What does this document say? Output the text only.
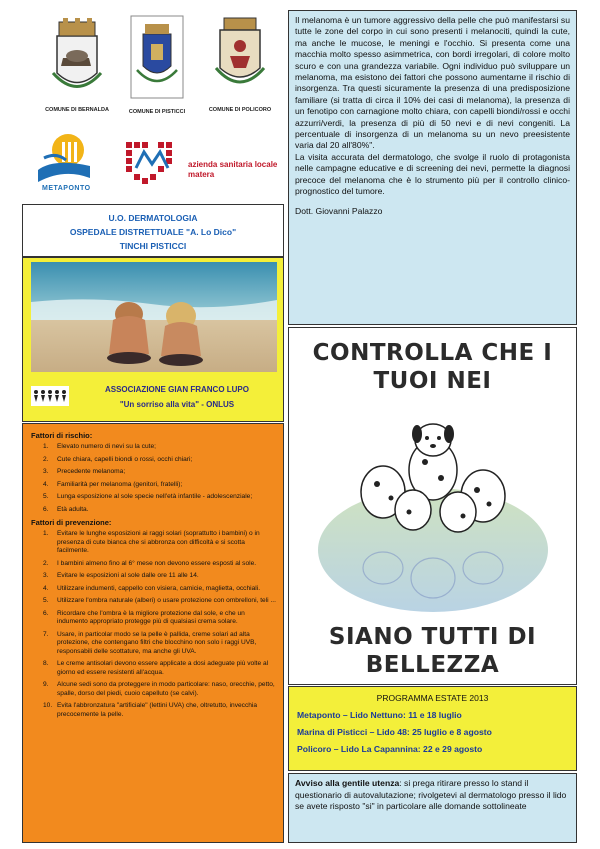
COMUNE DI BERNALDA	COMUNE DI PISTICCI	COMUNE DI POLICORO
METAPONTO
azienda sanitaria locale
matera
U.O. DERMATOLOGIA
OSPEDALE DISTRETTUALE "A. Lo Dico"
TINCHI PISTICCI
ASSOCIAZIONE GIAN FRANCO LUPO
"Un sorriso alla vita" - ONLUS
Fattori di rischio:
1. Elevato numero di nevi su la cute;
2. Cute chiara, capelli biondi o rossi, occhi chiari;
3. Precedente melanoma;
4. Familiarità per melanoma (genitori, fratelli);
5. Lunga esposizione al sole specie nell'età infantile - adolescenziale;
6. Età adulta.
Fattori di prevenzione:
1. Evitare le lunghe esposizioni ai raggi solari (soprattutto i bambini) o in presenza di cute bianca che si abbronza con difficoltà e si scotta facilmente.
2. I bambini almeno fino al 6° mese non devono essere esposti al sole.
3. Evitare le esposizioni al sole dalle ore 11 alle 14.
4. Utilizzare indumenti, cappello con visiera, camicie, maglietta, occhiali.
5. Utilizzare l'ombra naturale (alberi) o usare protezione con ombrelloni, teli ...
6. Ricordare che l'ombra è la migliore protezione dal sole, e che un indumento appropriato protegge più di qualsiasi crema solare.
7. Usare, in particolar modo se la pelle è pallida, creme solari ad alta protezione, che contengano filtri che blocchino non solo i raggi UVB, responsabili delle scottature, ma anche gli UVA.
8. Le creme antisolari devono essere applicate a dosi adeguate più volte al giorno ed essere resistenti all'acqua.
9. Alcune sedi sono da proteggere in modo particolare: naso, orecchie, petto, spalle, dorso del piedi, cuoio capelluto (se calvi).
10. Evita l'abbronzatura "artificiale" (lettini UVA) che, oltretutto, invecchia precocemente la pelle.

Il melanoma è un tumore aggressivo della pelle che può manifestarsi su tutte le zone del corpo in cui sono presenti i melanociti, quindi la cute, ma anche le mucose, le meningi e l'occhio. Si presenta come una macchia molto spesso asimmetrica, con bordi irregolari, di colore molto scuro e con una grandezza variabile. Ogni individuo può sviluppare un melanoma, ma esistono dei fattori che possono aumentarne il rischio di insorgenza. Tra questi sicuramente la presenza di una predisposizione familiare (si tratta di circa il 10% dei casi di melanoma), la presenza di un fenotipo con carnagione molto chiara, con capelli biondi/rossi e occhi azzurri/verdi, la presenza di più di 50 nevi e di nevi congeniti. La percentuale di insorgenza di un melanoma su un nevo preesistente varia dal 20 all'80%".

La visita accurata del dermatologo, che svolge il ruolo di protagonista nelle campagne educative e di screening dei nevi, permette la diagnosi precoce del melanoma che è lo strumento più per il controllo clinico-prognostico del tumore.

Dott. Giovanni Palazzo

CONTROLLA CHE I
TUOI NEI
SIANO TUTTI DI
BELLEZZA
PROGRAMMA ESTATE 2013
Metaponto – Lido Nettuno: 11 e 18 luglio
Marina di Pisticci – Lido 48: 25 luglio e 8 agosto
Policoro – Lido La Capannina: 22 e 29 agosto

Avviso alla gentile utenza: si prega ritirare presso lo stand il questionario di autovalutazione; rivolgetevi al dermatologo presso il lido se avete risposto "si" in particolare alle domande sottolineate
